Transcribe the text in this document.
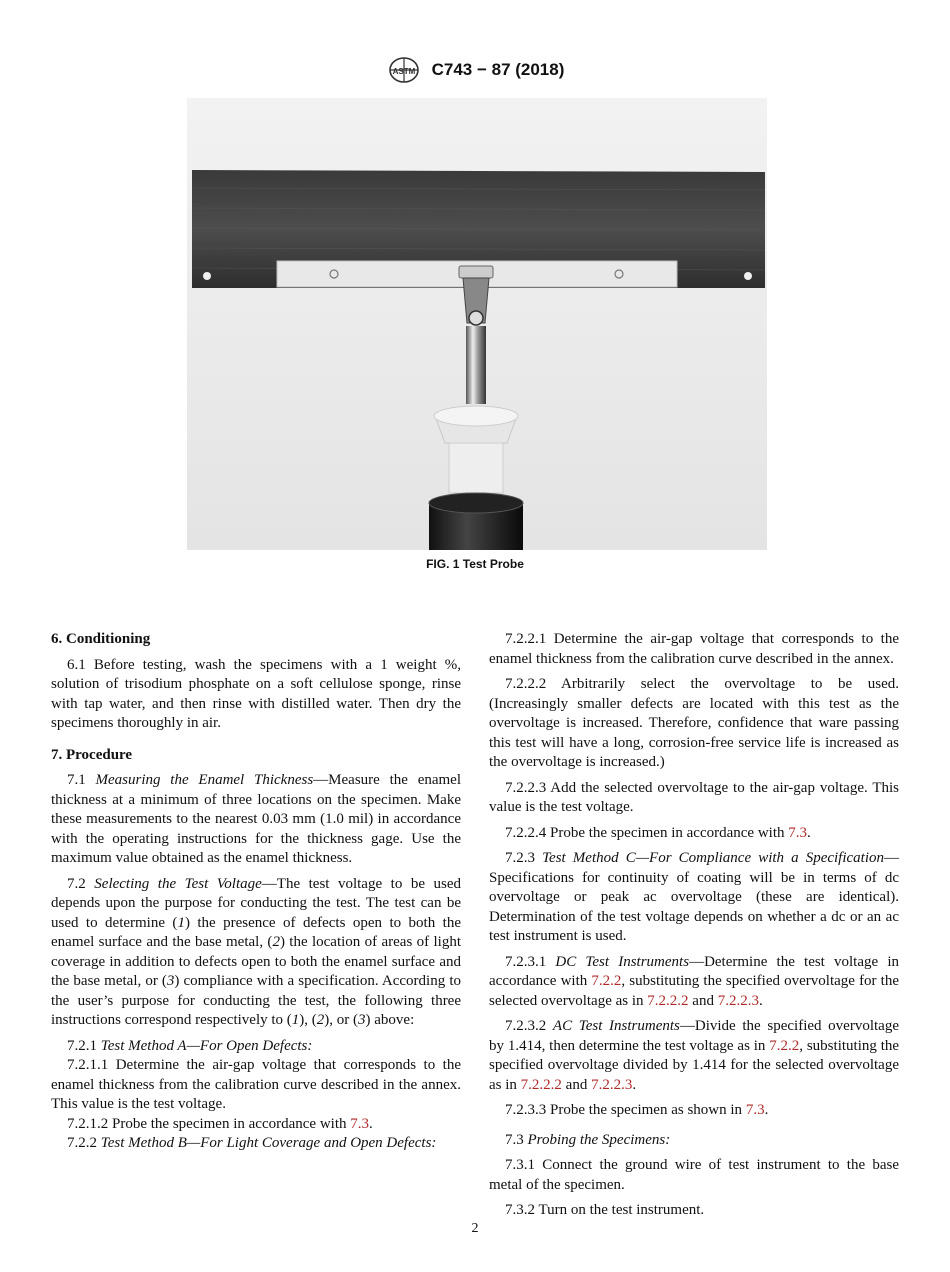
ASTM C743 − 87 (2018)
FIG. 1 Test Probe
6. Conditioning

6.1 Before testing, wash the specimens with a 1 weight %, solution of trisodium phosphate on a soft cellulose sponge, rinse with tap water, and then rinse with distilled water. Then dry the specimens thoroughly in air.

7. Procedure

7.1 Measuring the Enamel Thickness—Measure the enamel thickness at a minimum of three locations on the specimen. Make these measurements to the nearest 0.03 mm (1.0 mil) in accordance with the operating instructions for the thickness gage. Use the maximum value obtained as the enamel thickness.

7.2 Selecting the Test Voltage—The test voltage to be used depends upon the purpose for conducting the test. The test can be used to determine (1) the presence of defects open to both the enamel surface and the base metal, (2) the location of areas of light coverage in addition to defects open to both the enamel surface and the base metal, or (3) compliance with a specification. According to the user’s purpose for conducting the test, the following three instructions correspond respectively to (1), (2), or (3) above:

7.2.1 Test Method A—For Open Defects:

7.2.1.1 Determine the air-gap voltage that corresponds to the enamel thickness from the calibration curve described in the annex. This value is the test voltage.

7.2.1.2 Probe the specimen in accordance with 7.3.

7.2.2 Test Method B—For Light Coverage and Open Defects:

7.2.2.1 Determine the air-gap voltage that corresponds to the enamel thickness from the calibration curve described in the annex.

7.2.2.2 Arbitrarily select the overvoltage to be used. (Increasingly smaller defects are located with this test as the overvoltage is increased. Therefore, confidence that ware passing this test will have a long, corrosion-free service life is increased as the overvoltage is increased.)

7.2.2.3 Add the selected overvoltage to the air-gap voltage. This value is the test voltage.

7.2.2.4 Probe the specimen in accordance with 7.3.

7.2.3 Test Method C—For Compliance with a Specification—Specifications for continuity of coating will be in terms of dc overvoltage or peak ac overvoltage (these are identical). Determination of the test voltage depends on whether a dc or an ac test instrument is used.

7.2.3.1 DC Test Instruments—Determine the test voltage in accordance with 7.2.2, substituting the specified overvoltage for the selected overvoltage as in 7.2.2.2 and 7.2.2.3.

7.2.3.2 AC Test Instruments—Divide the specified overvoltage by 1.414, then determine the test voltage as in 7.2.2, substituting the specified overvoltage divided by 1.414 for the selected overvoltage as in 7.2.2.2 and 7.2.2.3.

7.2.3.3 Probe the specimen as shown in 7.3.

7.3 Probing the Specimens:

7.3.1 Connect the ground wire of test instrument to the base metal of the specimen.

7.3.2 Turn on the test instrument.

2
